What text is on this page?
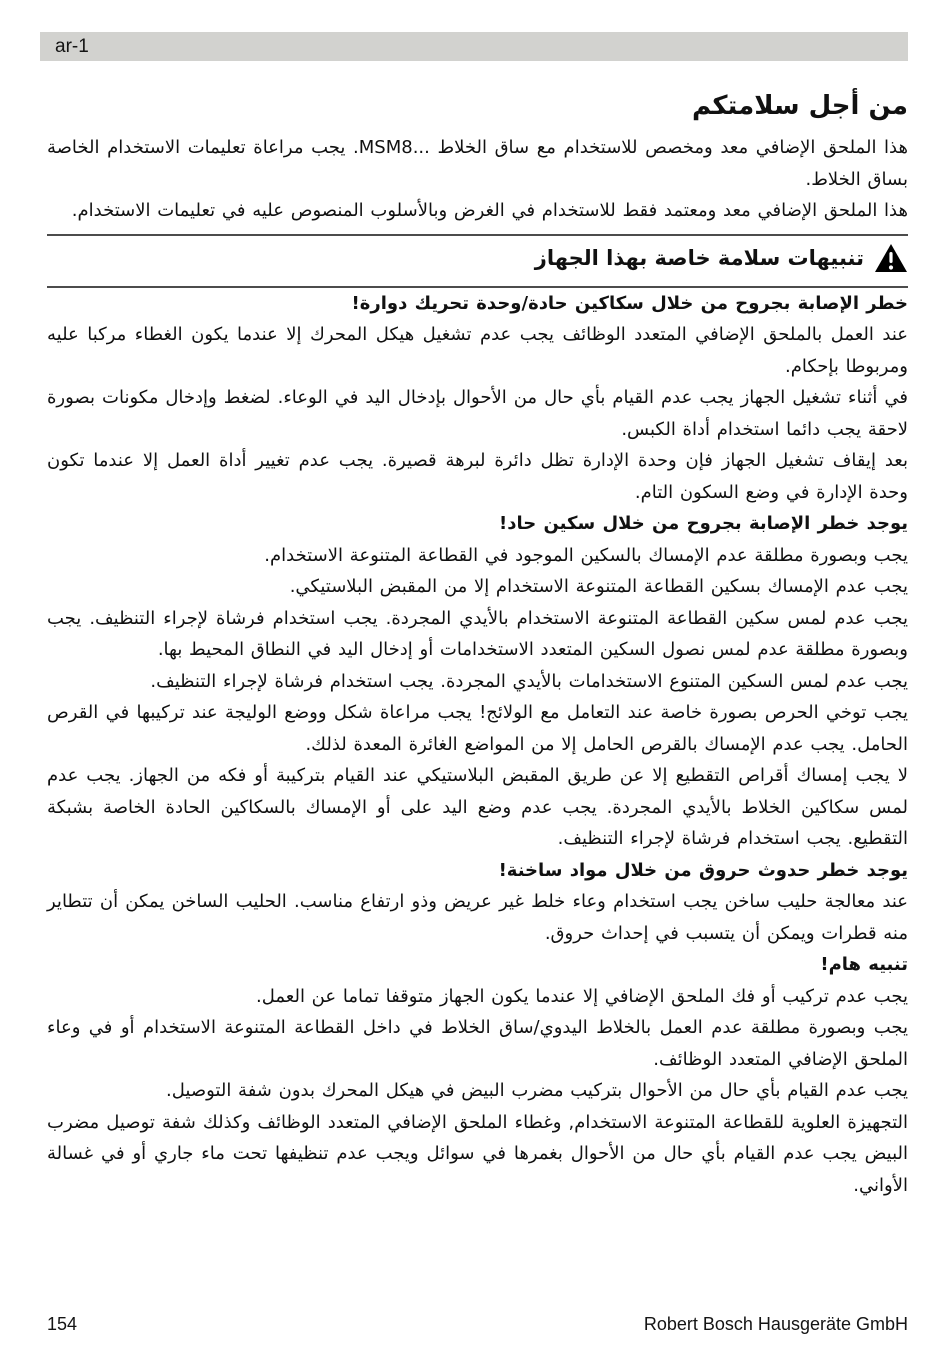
ar-1
من أجل سلامتكم
هذا الملحق الإضافي معد ومخصص للاستخدام مع ساق الخلاط ...MSM8. يجب مراعاة تعليمات الاستخدام الخاصة بساق الخلاط.
هذا الملحق الإضافي معد ومعتمد فقط للاستخدام في الغرض وبالأسلوب المنصوص عليه في تعليمات الاستخدام.
تنبيهات سلامة خاصة بهذا الجهاز
خطر الإصابة بجروح من خلال سكاكين حادة/وحدة تحريك دوارة!
عند العمل بالملحق الإضافي المتعدد الوظائف يجب عدم تشغيل هيكل المحرك إلا عندما يكون الغطاء مركبا عليه ومربوطا بإحكام.
في أثناء تشغيل الجهاز يجب عدم القيام بأي حال من الأحوال بإدخال اليد في الوعاء. لضغط وإدخال مكونات بصورة لاحقة يجب دائما استخدام أداة الكبس.
بعد إيقاف تشغيل الجهاز فإن وحدة الإدارة تظل دائرة لبرهة قصيرة. يجب عدم تغيير أداة العمل إلا عندما تكون وحدة الإدارة في وضع السكون التام.
يوجد خطر الإصابة بجروح من خلال سكين حاد!
يجب وبصورة مطلقة عدم الإمساك بالسكين الموجود في القطاعة المتنوعة الاستخدام.
يجب عدم الإمساك بسكين القطاعة المتنوعة الاستخدام إلا من المقبض البلاستيكي.
يجب عدم لمس سكين القطاعة المتنوعة الاستخدام بالأيدي المجردة. يجب استخدام فرشاة لإجراء التنظيف. يجب وبصورة مطلقة عدم لمس نصول السكين المتعدد الاستخدامات أو إدخال اليد في النطاق المحيط بها.
يجب عدم لمس السكين المتنوع الاستخدامات بالأيدي المجردة. يجب استخدام فرشاة لإجراء التنظيف.
يجب توخي الحرص بصورة خاصة عند التعامل مع الولائج! يجب مراعاة شكل ووضع الوليجة عند تركيبها في القرص الحامل. يجب عدم الإمساك بالقرص الحامل إلا من المواضع الغائرة المعدة لذلك.
لا يجب إمساك أقراص التقطيع إلا عن طريق المقبض البلاستيكي عند القيام بتركيبة أو فكه من الجهاز. يجب عدم لمس سكاكين الخلاط بالأيدي المجردة. يجب عدم وضع اليد على أو الإمساك بالسكاكين الحادة الخاصة بشبكة التقطيع. يجب استخدام فرشاة لإجراء التنظيف.
يوجد خطر حدوث حروق من خلال مواد ساخنة!
عند معالجة حليب ساخن يجب استخدام وعاء خلط غير عريض وذو ارتفاع مناسب. الحليب الساخن يمكن أن تتطاير منه قطرات ويمكن أن يتسبب في إحداث حروق.
تنبيه هام!
يجب عدم تركيب أو فك الملحق الإضافي إلا عندما يكون الجهاز متوقفا تماما عن العمل.
يجب وبصورة مطلقة عدم العمل بالخلاط اليدوي/ساق الخلاط في داخل القطاعة المتنوعة الاستخدام أو في وعاء الملحق الإضافي المتعدد الوظائف.
يجب عدم القيام بأي حال من الأحوال بتركيب مضرب البيض في هيكل المحرك بدون شفة التوصيل.
التجهيزة العلوية للقطاعة المتنوعة الاستخدام, وغطاء الملحق الإضافي المتعدد الوظائف وكذلك شفة توصيل مضرب البيض يجب عدم القيام بأي حال من الأحوال بغمرها في سوائل ويجب عدم تنظيفها تحت ماء جاري أو في غسالة الأواني.
154	Robert Bosch Hausgeräte GmbH
